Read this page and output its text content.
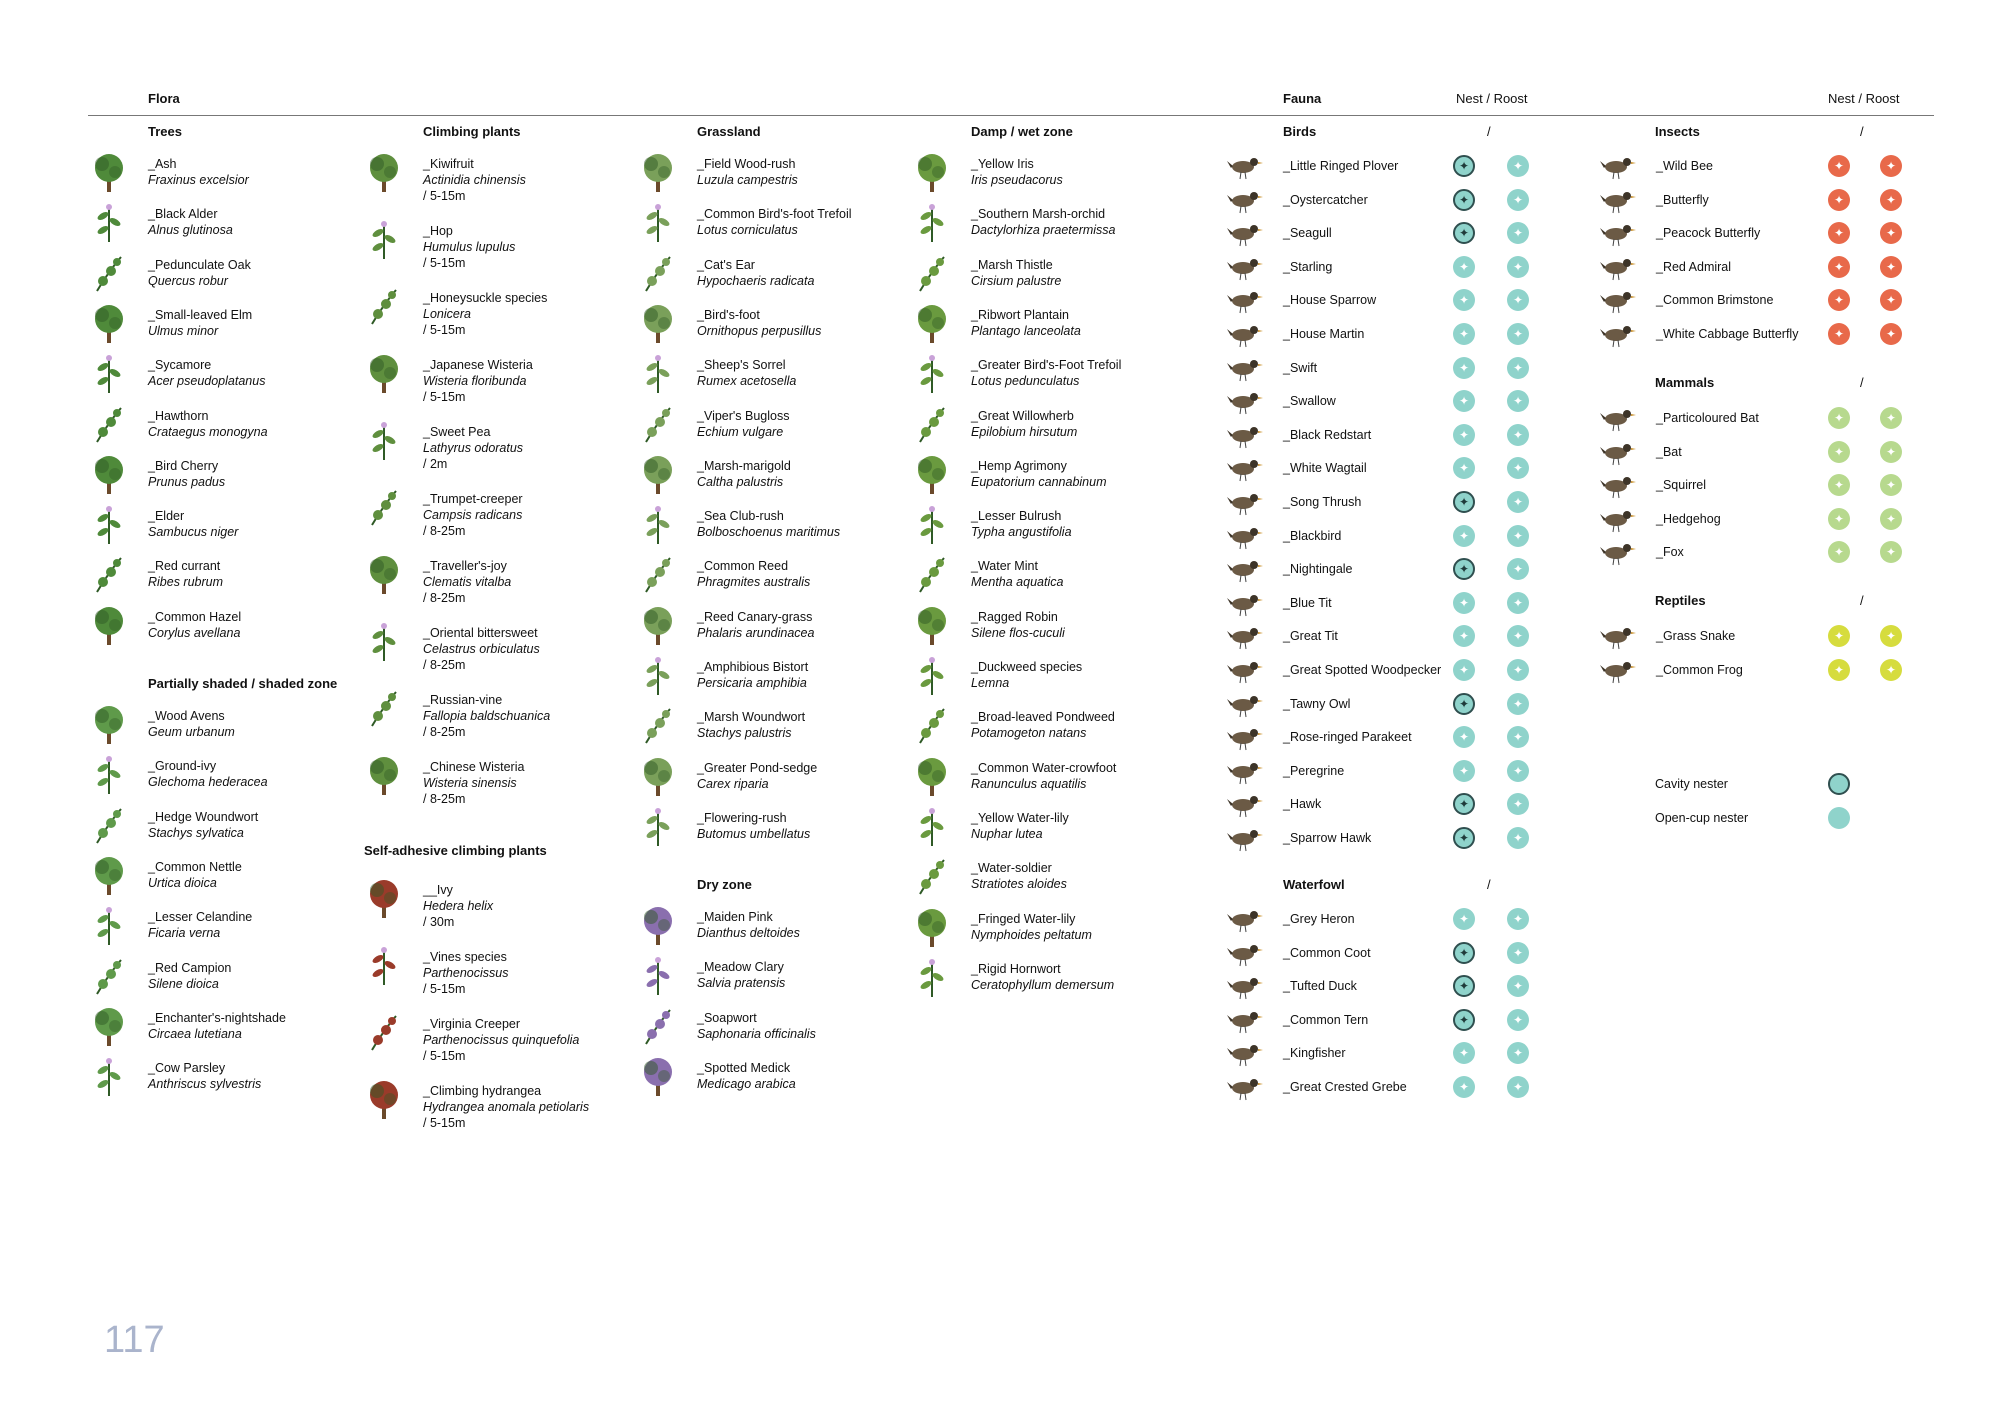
Flora	Fauna	Nest / Roost	Nest / Roost
Trees
_Ash
Fraxinus excelsior
_Black Alder
Alnus glutinosa
_Pedunculate Oak
Quercus robur
_Small-leaved Elm
Ulmus minor
_Sycamore
Acer pseudoplatanus
_Hawthorn
Crataegus monogyna
_Bird Cherry
Prunus padus
_Elder
Sambucus niger
_Red currant
Ribes rubrum
_Common Hazel
Corylus avellana
Partially shaded / shaded zone
_Wood Avens
Geum urbanum
_Ground-ivy
Glechoma hederacea
_Hedge Woundwort
Stachys sylvatica
_Common Nettle
Urtica dioica
_Lesser Celandine
Ficaria verna
_Red Campion
Silene dioica
_Enchanter's-nightshade
Circaea lutetiana
_Cow Parsley
Anthriscus sylvestris
Climbing plants
_Kiwifruit
Actinidia chinensis
/ 5-15m
_Hop
Humulus lupulus
/ 5-15m
_Honeysuckle species
Lonicera
/ 5-15m
_Japanese Wisteria
Wisteria floribunda
/ 5-15m
_Sweet Pea
Lathyrus odoratus
/ 2m
_Trumpet-creeper
Campsis radicans
/ 8-25m
_Traveller's-joy
Clematis vitalba
/ 8-25m
_Oriental bittersweet
Celastrus orbiculatus
/ 8-25m
_Russian-vine
Fallopia baldschuanica
/ 8-25m
_Chinese Wisteria
Wisteria sinensis
/ 8-25m
Self-adhesive climbing plants
__Ivy
Hedera helix
/ 30m
_Vines species
Parthenocissus
/ 5-15m
_Virginia Creeper
Parthenocissus quinquefolia
/ 5-15m
_Climbing hydrangea
Hydrangea anomala petiolaris
/ 5-15m
Grassland
_Field Wood-rush
Luzula campestris
_Common Bird's-foot Trefoil
Lotus corniculatus
_Cat's Ear
Hypochaeris radicata
_Bird's-foot
Ornithopus perpusillus
_Sheep's Sorrel
Rumex acetosella
_Viper's Bugloss
Echium vulgare
_Marsh-marigold
Caltha palustris
_Sea Club-rush
Bolboschoenus maritimus
_Common Reed
Phragmites australis
_Reed Canary-grass
Phalaris arundinacea
_Amphibious Bistort
Persicaria amphibia
_Marsh Woundwort
Stachys palustris
_Greater Pond-sedge
Carex riparia
_Flowering-rush
Butomus umbellatus
Dry zone
_Maiden Pink
Dianthus deltoides
_Meadow Clary
Salvia pratensis
_Soapwort
Saphonaria officinalis
_Spotted Medick
Medicago arabica
Damp / wet zone
_Yellow Iris
Iris pseudacorus
_Southern Marsh-orchid
Dactylorhiza praetermissa
_Marsh Thistle
Cirsium palustre
_Ribwort Plantain
Plantago lanceolata
_Greater Bird's-Foot Trefoil
Lotus pedunculatus
_Great Willowherb
Epilobium hirsutum
_Hemp Agrimony
Eupatorium cannabinum
_Lesser Bulrush
Typha angustifolia
_Water Mint
Mentha aquatica
_Ragged Robin
Silene flos-cuculi
_Duckweed species
Lemna
_Broad-leaved Pondweed
Potamogeton natans
_Common Water-crowfoot
Ranunculus aquatilis
_Yellow Water-lily
Nuphar lutea
_Water-soldier
Stratiotes aloides
_Fringed Water-lily
Nymphoides peltatum
_Rigid Hornwort
Ceratophyllum demersum
Birds	/
_Little Ringed Plover	✦	✦
_Oystercatcher	✦	✦
_Seagull	✦	✦
_Starling	✦	✦
_House Sparrow	✦	✦
_House Martin	✦	✦
_Swift	✦	✦
_Swallow	✦	✦
_Black Redstart	✦	✦
_White Wagtail	✦	✦
_Song Thrush	✦	✦
_Blackbird	✦	✦
_Nightingale	✦	✦
_Blue Tit	✦	✦
_Great Tit	✦	✦
_Great Spotted Woodpecker ✦	✦
_Tawny Owl	✦	✦
_Rose-ringed Parakeet	✦	✦
_Peregrine	✦	✦
_Hawk	✦	✦
_Sparrow Hawk	✦	✦
Waterfowl	/
_Grey Heron	✦	✦
_Common Coot	✦	✦
_Tufted Duck	✦	✦
_Common Tern	✦	✦
_Kingfisher	✦	✦
_Great Crested Grebe	✦	✦
Insects	/
_Wild Bee	✦	✦
_Butterfly	✦	✦
_Peacock Butterfly	✦	✦
_Red Admiral	✦	✦
_Common Brimstone	✦	✦
_White Cabbage Butterfly	✦	✦
Mammals	/
_Particoloured Bat	✦	✦
_Bat	✦	✦
_Squirrel	✦	✦
_Hedgehog	✦	✦
_Fox	✦	✦
Reptiles	/
_Grass Snake	✦	✦
_Common Frog	✦	✦
Cavity nester
Open-cup nester
117
